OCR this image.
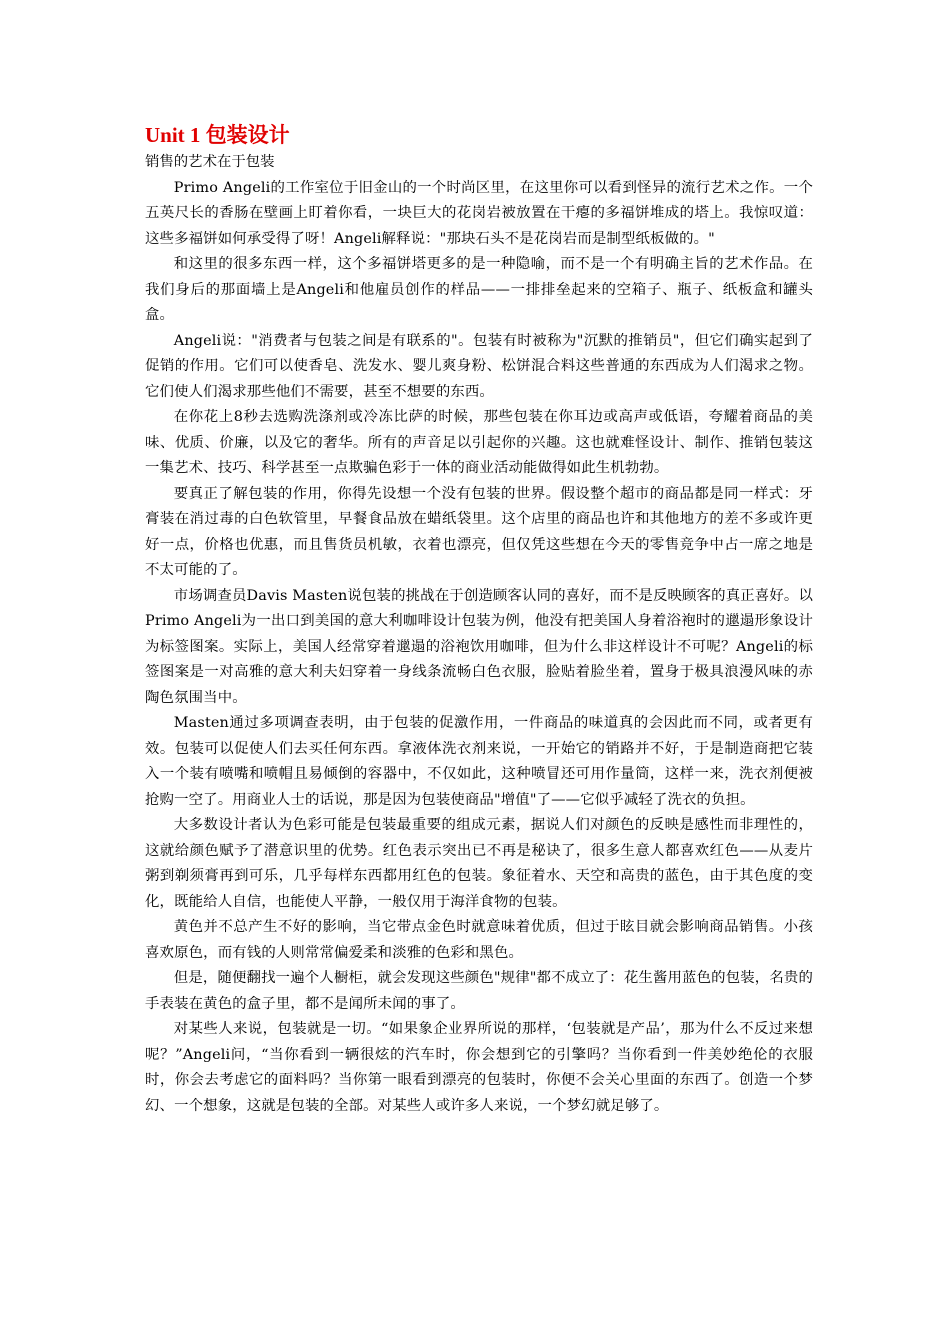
Unit 1 包装设计

销售的艺术在于包装

Primo Angeli的工作室位于旧金山的一个时尚区里，在这里你可以看到怪异的流行艺术之作。一个五英尺长的香肠在壁画上盯着你看，一块巨大的花岗岩被放置在干瘪的多福饼堆成的塔上。我惊叹道：这些多福饼如何承受得了呀！Angeli解释说："那块石头不是花岗岩而是制型纸板做的。"

和这里的很多东西一样，这个多福饼塔更多的是一种隐喻，而不是一个有明确主旨的艺术作品。在我们身后的那面墙上是Angeli和他雇员创作的样品——一排排垒起来的空箱子、瓶子、纸板盒和罐头盒。

Angeli说："消费者与包装之间是有联系的"。包装有时被称为"沉默的推销员"，但它们确实起到了促销的作用。它们可以使香皂、洗发水、婴儿爽身粉、松饼混合料这些普通的东西成为人们渴求之物。它们使人们渴求那些他们不需要，甚至不想要的东西。

在你花上8秒去选购洗涤剂或冷冻比萨的时候，那些包装在你耳边或高声或低语，夸耀着商品的美味、优质、价廉，以及它的奢华。所有的声音足以引起你的兴趣。这也就难怪设计、制作、推销包装这一集艺术、技巧、科学甚至一点欺骗色彩于一体的商业活动能做得如此生机勃勃。

要真正了解包装的作用，你得先设想一个没有包装的世界。假设整个超市的商品都是同一样式：牙膏装在消过毒的白色软管里，早餐食品放在蜡纸袋里。这个店里的商品也许和其他地方的差不多或许更好一点，价格也优惠，而且售货员机敏，衣着也漂亮，但仅凭这些想在今天的零售竞争中占一席之地是不太可能的了。

市场调查员Davis Masten说包装的挑战在于创造顾客认同的喜好，而不是反映顾客的真正喜好。以Primo Angeli为一出口到美国的意大利咖啡设计包装为例，他没有把美国人身着浴袍时的邋遢形象设计为标签图案。实际上，美国人经常穿着邋遢的浴袍饮用咖啡，但为什么非这样设计不可呢？Angeli的标签图案是一对高雅的意大利夫妇穿着一身线条流畅白色衣服，脸贴着脸坐着，置身于极具浪漫风味的赤陶色氛围当中。

Masten通过多项调查表明，由于包装的促激作用，一件商品的味道真的会因此而不同，或者更有效。包装可以促使人们去买任何东西。拿液体洗衣剂来说，一开始它的销路并不好，于是制造商把它装入一个装有喷嘴和喷帽且易倾倒的容器中，不仅如此，这种喷冒还可用作量筒，这样一来，洗衣剂便被抢购一空了。用商业人士的话说，那是因为包装使商品"增值"了——它似乎减轻了洗衣的负担。

大多数设计者认为色彩可能是包装最重要的组成元素，据说人们对颜色的反映是感性而非理性的，这就给颜色赋予了潜意识里的优势。红色表示突出已不再是秘诀了，很多生意人都喜欢红色——从麦片粥到剃须膏再到可乐，几乎每样东西都用红色的包装。象征着水、天空和高贵的蓝色，由于其色度的变化，既能给人自信，也能使人平静，一般仅用于海洋食物的包装。

黄色并不总产生不好的影响，当它带点金色时就意味着优质，但过于眩目就会影响商品销售。小孩喜欢原色，而有钱的人则常常偏爱柔和淡雅的色彩和黑色。

但是，随便翻找一遍个人橱柜，就会发现这些颜色"规律"都不成立了：花生酱用蓝色的包装，名贵的手表装在黄色的盒子里，都不是闻所未闻的事了。

对某些人来说，包装就是一切。“如果象企业界所说的那样，‘包装就是产品’，那为什么不反过来想呢？”Angeli问，“当你看到一辆很炫的汽车时，你会想到它的引擎吗？当你看到一件美妙绝伦的衣服时，你会去考虑它的面料吗？当你第一眼看到漂亮的包装时，你便不会关心里面的东西了。创造一个梦幻、一个想象，这就是包装的全部。对某些人或许多人来说，一个梦幻就足够了。
